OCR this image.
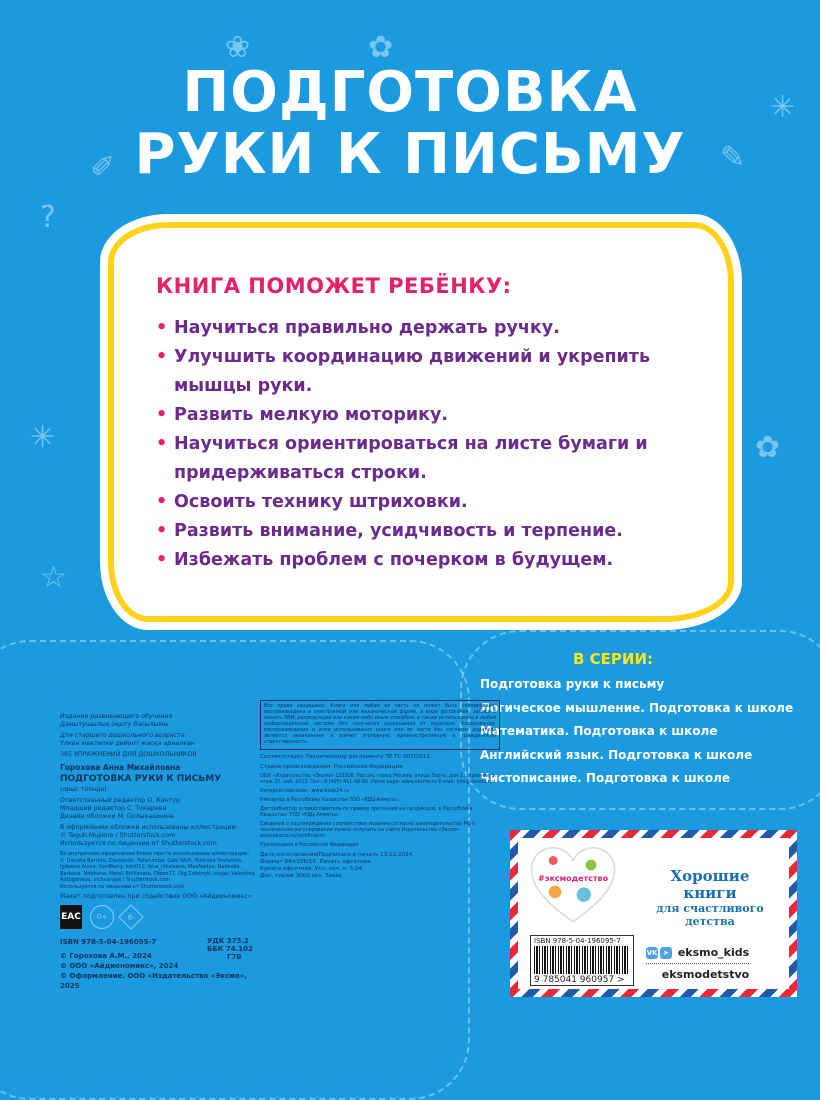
✿
❀
✎
?
✐
✿
☆
✳
✳
ПОДГОТОВКА
РУКИ К ПИСЬМУ
КНИГА ПОМОЖЕТ РЕБЁНКУ:
• Научиться правильно держать ручку.
• Улучшить координацию движений и укрепить мышцы руки.
• Развить мелкую моторику.
• Научиться ориентироваться на листе бумаги и придерживаться строки.
• Освоить технику штриховки.
• Развить внимание, усидчивость и терпение.
• Избежать проблем с почерком в будущем.
В СЕРИИ:
Подготовка руки к письму
Логическое мышление. Подготовка к школе
Математика. Подготовка к школе
Английский язык. Подготовка к школе
Чистописание. Подготовка к школе

Издание развивающего обучения
Дамытушылық оқыту басылымы

Для старшего дошкольного возраста
Үлкен мектепке дейінгі жасқа арналған

365 УПРАЖНЕНИЙ ДЛЯ ДОШКОЛЬНИКОВ

Горохова Анна Михайловна
ПОДГОТОВКА РУКИ К ПИСЬМУ

(орыс тілінде)

Ответственный редактор О. Кантур
Младший редактор С. Токарева
Дизайн обложки М. Полыкашкина

В оформлении обложки использованы иллюстрации:
© Teguh Mujiono / Shutterstock.com
Используется по лицензии от Shutterstock.com

Во внутреннем оформлении блока текста использованы иллюстрации:
© Daniela Barreto, Daviderko, Fafarumba, Gabi Wolf, Hulinska Yevheniia, Igdeeva Alena, IrynMerry, kon011, lena_nikolaeva, MaxNadya, Nadezda Barkova, Nebhana, Natali Brillianata, Oleon17, Olg Zolotnyk, svaga, Valentina Antuganova, vichvarupe / Shutterstock.com
Используется по лицензии от Shutterstock.com

Макет подготовлен при содействии ООО «Айдиономикс»

ЕАС	0+	6-
ISBN 978-5-04-196095-7	УДК 373.2
ББК 74.102
Г70
© Горохова А.М., 2024
© ООО «Айдиономикс», 2024
© Оформление. ООО «Издательство «Эксмо», 2025
Все права защищены. Книга или любая ее часть не может быть скопирована, воспроизведена в электронной или механической форме, в виде фотокопии, записи в память ЭВМ, репродукции или каким-либо иным способом, а также использована в любой информационной системе без получения разрешения от издателя. Копирование, воспроизведение и иное использование книги или ее части без согласия издателя является незаконным и влечет уголовную, административную и гражданскую ответственность.

Соответствует Техническому регламенту ТР ТС 007/2011

Страна происхождения: Российская Федерация

ООО «Издательство «Эксмо» 123308, Россия, город Москва, улица Зорге, дом 1, строение 1, этаж 20, каб. 2013. Тел.: 8 (495) 411-68-86. Home page: www.eksmo.ru E-mail: info@eksmo.ru

Интернет-магазин : www.book24.ru

Импортер в Республику Казахстан ТОО «РДЦ-Алматы».

Дистрибьютор и представитель по приему претензий на продукцию, в Республике Казахстан: ТОО «РДЦ-Алматы»

Сведения о подтверждении соответствия издания согласно законодательству РФ о техническом регулировании можно получить на сайте Издательства «Эксмо» www.eksmo.ru/certification

Произведено в Российской Федерации

Дата изготовления/Подписано в печать 13.12.2024.
Формат 84×108/16. Печать офсетная.
Бумага офсетная. Усл. печ. л. 5,04.
Доп. тираж 3000 экз. Заказ	#эксмодетство
ISBN 978-5-04-196095-7
9 785041 960957 >
Хорошие
книги
для счастливого
детства
VK ➤ eksmo_kids
eksmodetstvo
